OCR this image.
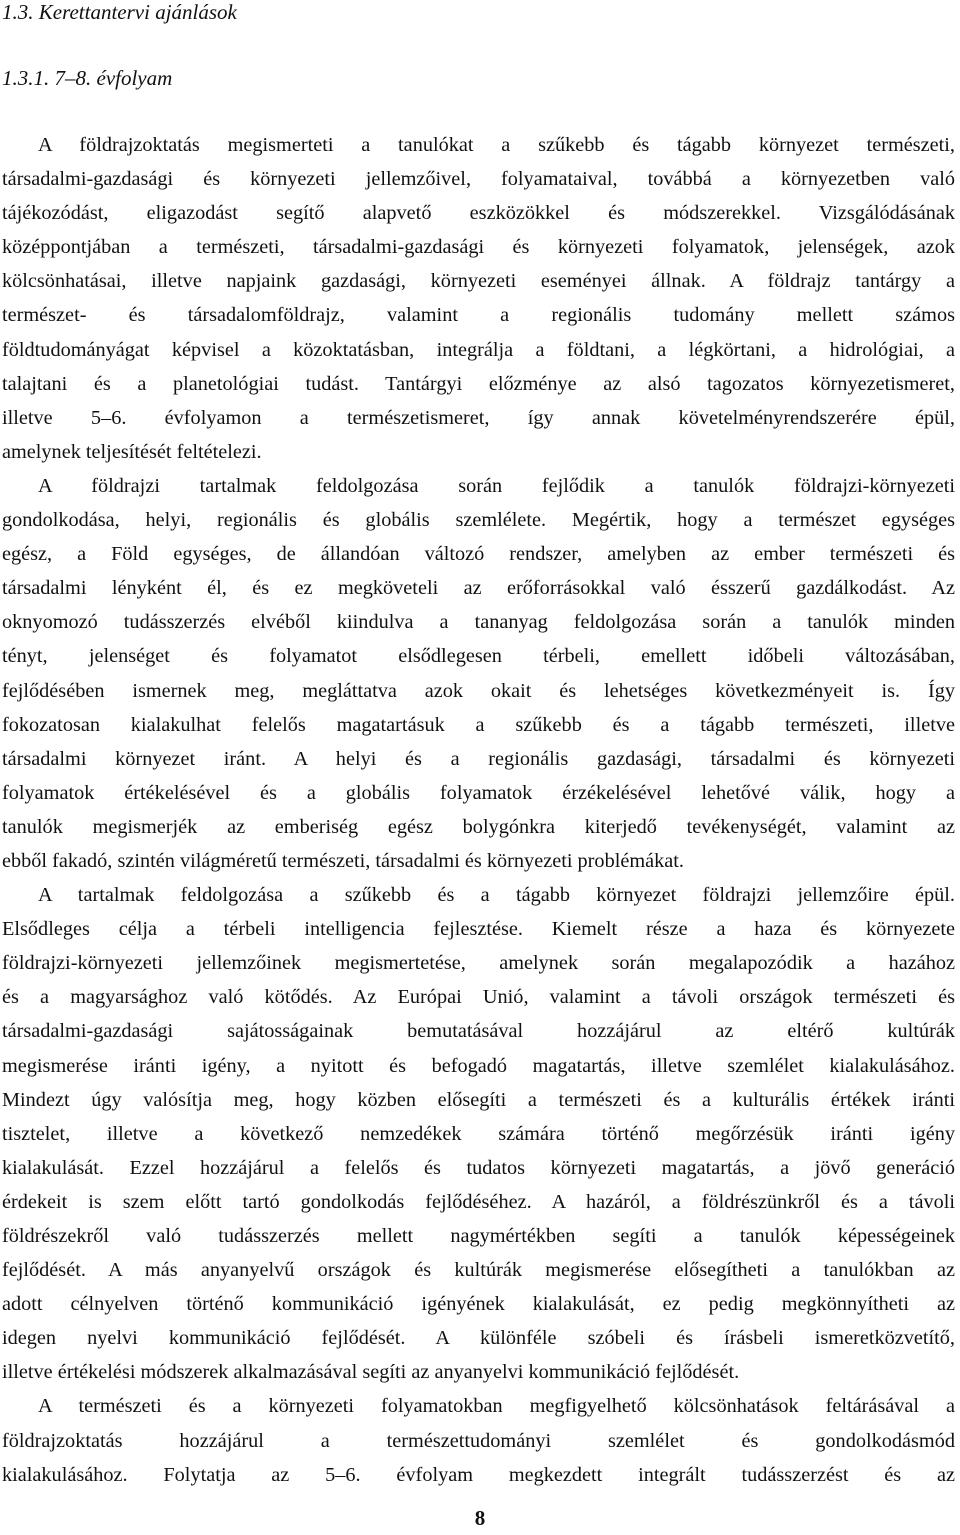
1.3. Kerettantervi ajánlások
1.3.1. 7–8. évfolyam
A földrajzoktatás megismerteti a tanulókat a szűkebb és tágabb környezet természeti,
társadalmi-gazdasági és környezeti jellemzőivel, folyamataival, továbbá a környezetben való
tájékozódást, eligazodást segítő alapvető eszközökkel és módszerekkel. Vizsgálódásának
középpontjában a természeti, társadalmi-gazdasági és környezeti folyamatok, jelenségek, azok
kölcsönhatásai, illetve napjaink gazdasági, környezeti eseményei állnak. A földrajz tantárgy a
természet- és társadalomföldrajz, valamint a regionális tudomány mellett számos
földtudományágat képvisel a közoktatásban, integrálja a földtani, a légkörtani, a hidrológiai, a
talajtani és a planetológiai tudást. Tantárgyi előzménye az alsó tagozatos környezetismeret,
illetve 5–6. évfolyamon a természetismeret, így annak követelményrendszerére épül,
amelynek teljesítését feltételezi.
A földrajzi tartalmak feldolgozása során fejlődik a tanulók földrajzi-környezeti
gondolkodása, helyi, regionális és globális szemlélete. Megértik, hogy a természet egységes
egész, a Föld egységes, de állandóan változó rendszer, amelyben az ember természeti és
társadalmi lényként él, és ez megköveteli az erőforrásokkal való ésszerű gazdálkodást. Az
oknyomozó tudásszerzés elvéből kiindulva a tananyag feldolgozása során a tanulók minden
tényt, jelenséget és folyamatot elsődlegesen térbeli, emellett időbeli változásában,
fejlődésében ismernek meg, megláttatva azok okait és lehetséges következményeit is. Így
fokozatosan kialakulhat felelős magatartásuk a szűkebb és a tágabb természeti, illetve
társadalmi környezet iránt. A helyi és a regionális gazdasági, társadalmi és környezeti
folyamatok értékelésével és a globális folyamatok érzékelésével lehetővé válik, hogy a
tanulók megismerjék az emberiség egész bolygónkra kiterjedő tevékenységét, valamint az
ebből fakadó, szintén világméretű természeti, társadalmi és környezeti problémákat.
A tartalmak feldolgozása a szűkebb és a tágabb környezet földrajzi jellemzőire épül.
Elsődleges célja a térbeli intelligencia fejlesztése. Kiemelt része a haza és környezete
földrajzi-környezeti jellemzőinek megismertetése, amelynek során megalapozódik a hazához
és a magyarsághoz való kötődés. Az Európai Unió, valamint a távoli országok természeti és
társadalmi-gazdasági sajátosságainak bemutatásával hozzájárul az eltérő kultúrák
megismerése iránti igény, a nyitott és befogadó magatartás, illetve szemlélet kialakulásához.
Mindezt úgy valósítja meg, hogy közben elősegíti a természeti és a kulturális értékek iránti
tisztelet, illetve a következő nemzedékek számára történő megőrzésük iránti igény
kialakulását. Ezzel hozzájárul a felelős és tudatos környezeti magatartás, a jövő generáció
érdekeit is szem előtt tartó gondolkodás fejlődéséhez. A hazáról, a földrészünkről és a távoli
földrészekről való tudásszerzés mellett nagymértékben segíti a tanulók képességeinek
fejlődését. A más anyanyelvű országok és kultúrák megismerése elősegítheti a tanulókban az
adott célnyelven történő kommunikáció igényének kialakulását, ez pedig megkönnyítheti az
idegen nyelvi kommunikáció fejlődését. A különféle szóbeli és írásbeli ismeretközvetítő,
illetve értékelési módszerek alkalmazásával segíti az anyanyelvi kommunikáció fejlődését.
A természeti és a környezeti folyamatokban megfigyelhető kölcsönhatások feltárásával a
földrajzoktatás hozzájárul a természettudományi szemlélet és gondolkodásmód
kialakulásához. Folytatja az 5–6. évfolyam megkezdett integrált tudásszerzést és az
8
